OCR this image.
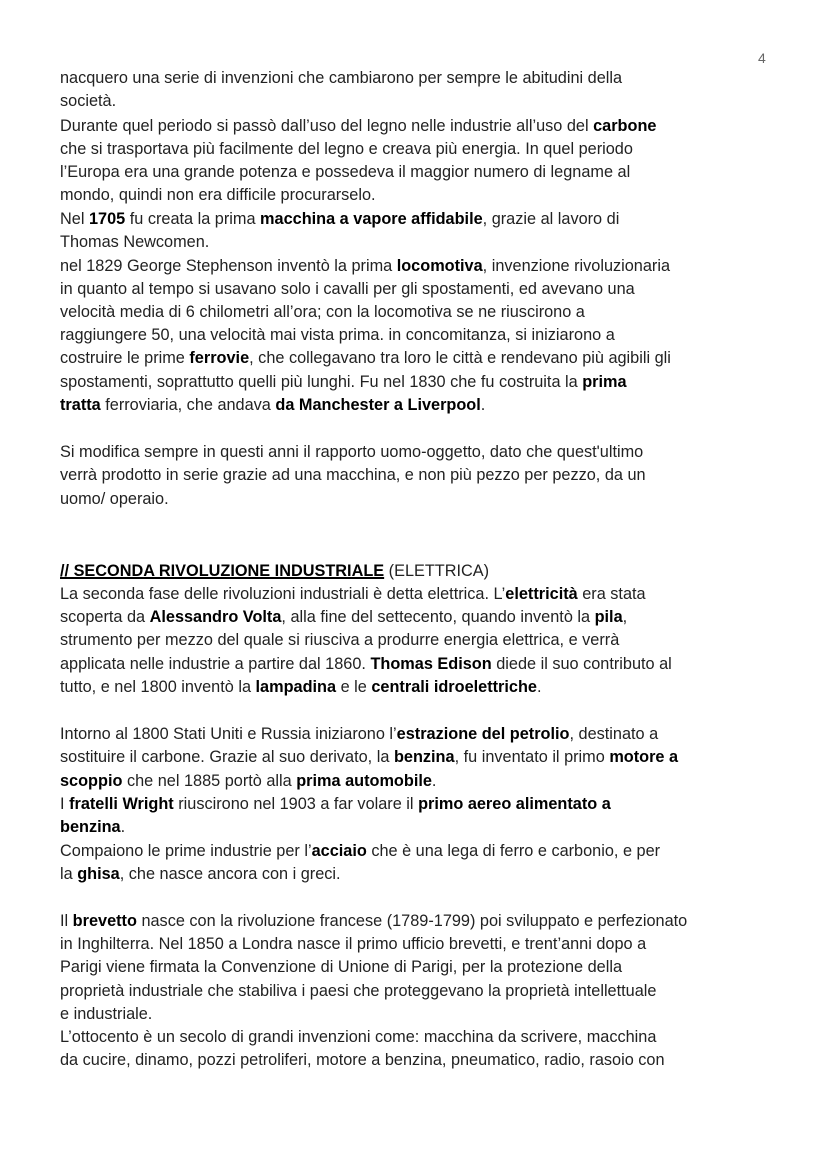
4
nacquero una serie di invenzioni che cambiarono per sempre le abitudini della
società.
Durante quel periodo si passò dall’uso del legno nelle industrie all’uso del carbone
che si trasportava più facilmente del legno e creava più energia. In quel periodo
l’Europa era una grande potenza e possedeva il maggior numero di legname al
mondo, quindi non era difficile procurarselo.
Nel 1705 fu creata la prima macchina a vapore affidabile, grazie al lavoro di
Thomas Newcomen.
nel 1829 George Stephenson inventò la prima locomotiva, invenzione rivoluzionaria
in quanto al tempo si usavano solo i cavalli per gli spostamenti, ed avevano una
velocità media di 6 chilometri all’ora; con la locomotiva se ne riuscirono a
raggiungere 50, una velocità mai vista prima. in concomitanza, si iniziarono a
costruire le prime ferrovie, che collegavano tra loro le città e rendevano più agibili gli
spostamenti, soprattutto quelli più lunghi. Fu nel 1830 che fu costruita la prima
tratta ferroviaria, che andava da Manchester a Liverpool.
Si modifica sempre in questi anni il rapporto uomo-oggetto, dato che quest'ultimo
verrà prodotto in serie grazie ad una macchina, e non più pezzo per pezzo, da un
uomo/ operaio.
// SECONDA RIVOLUZIONE INDUSTRIALE (ELETTRICA)
La seconda fase delle rivoluzioni industriali è detta elettrica. L’elettricità era stata
scoperta da Alessandro Volta, alla fine del settecento, quando inventò la pila,
strumento per mezzo del quale si riusciva a produrre energia elettrica, e verrà
applicata nelle industrie a partire dal 1860. Thomas Edison diede il suo contributo al
tutto, e nel 1800 inventò la lampadina e le centrali idroelettriche.
Intorno al 1800 Stati Uniti e Russia iniziarono l’estrazione del petrolio, destinato a
sostituire il carbone. Grazie al suo derivato, la benzina, fu inventato il primo motore a
scoppio che nel 1885 portò alla prima automobile.
I fratelli Wright riuscirono nel 1903 a far volare il primo aereo alimentato a
benzina.
Compaiono le prime industrie per l’acciaio che è una lega di ferro e carbonio, e per
la ghisa, che nasce ancora con i greci.
Il brevetto nasce con la rivoluzione francese (1789-1799) poi sviluppato e perfezionato
in Inghilterra. Nel 1850 a Londra nasce il primo ufficio brevetti, e trent’anni dopo a
Parigi viene firmata la Convenzione di Unione di Parigi, per la protezione della
proprietà industriale che stabiliva i paesi che proteggevano la proprietà intellettuale
e industriale.
L’ottocento è un secolo di grandi invenzioni come: macchina da scrivere, macchina
da cucire, dinamo, pozzi petroliferi, motore a benzina, pneumatico, radio, rasoio con
